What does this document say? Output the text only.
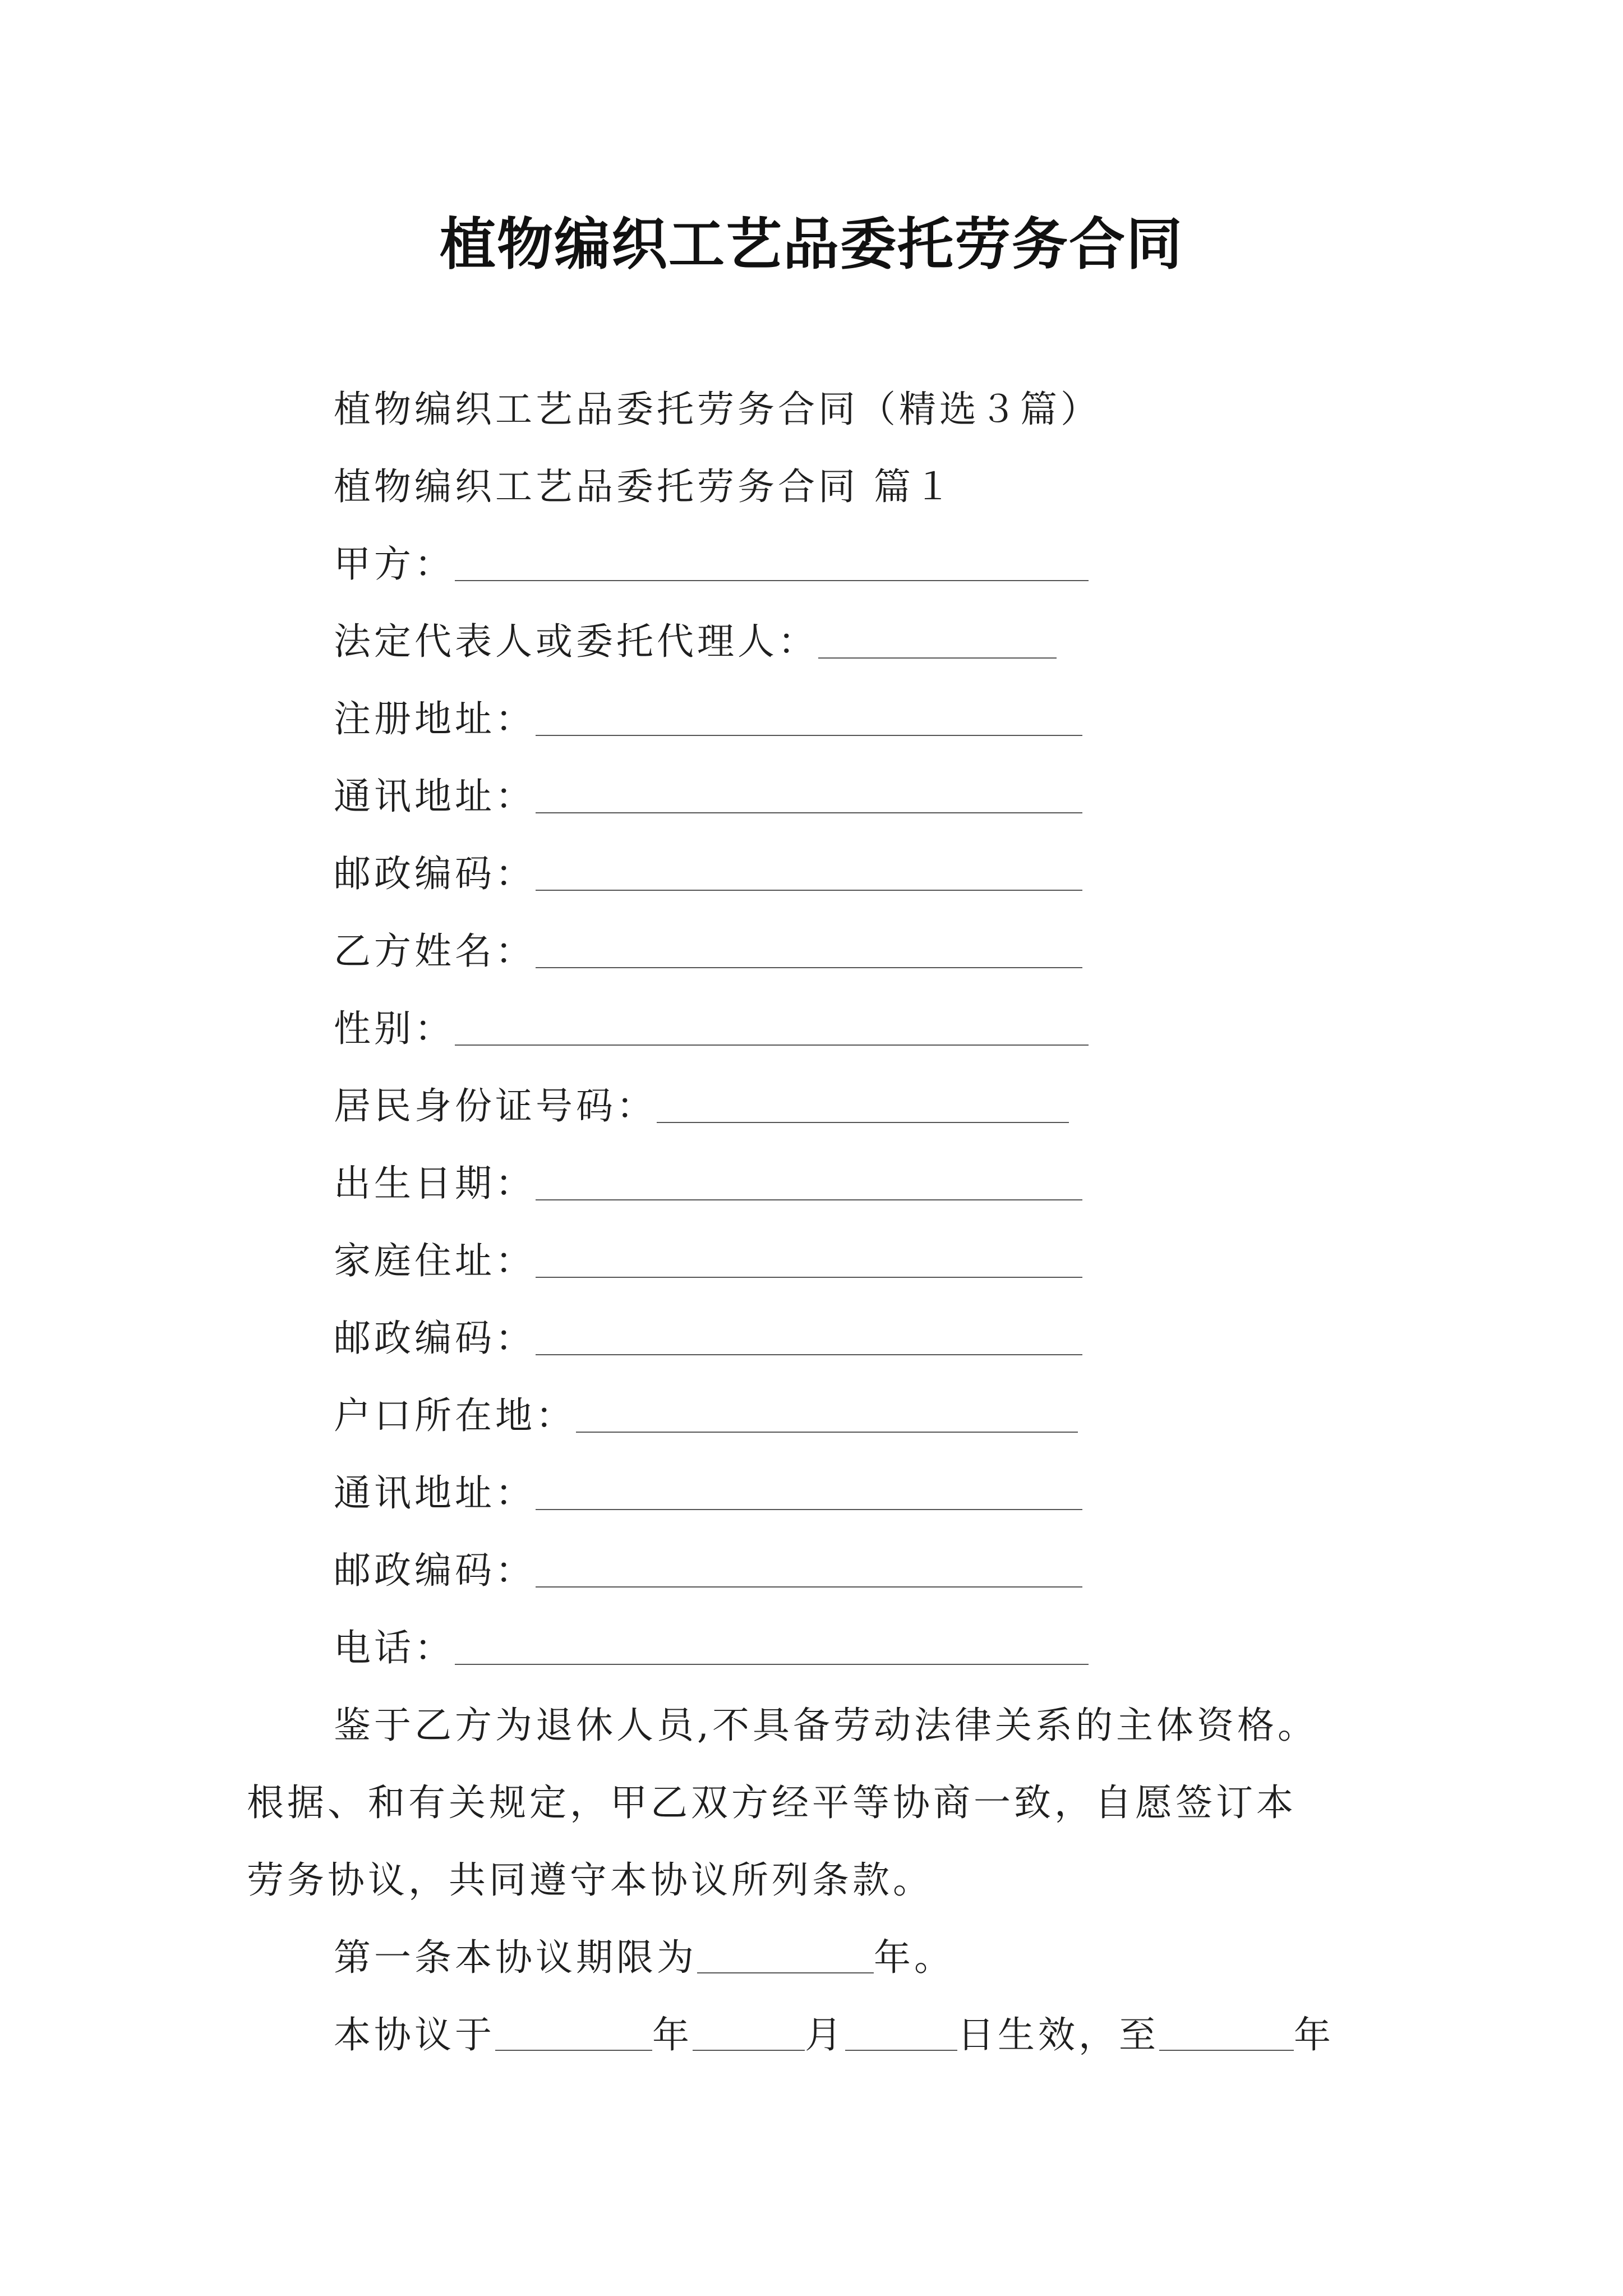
植物编织工艺品委托劳务合同
植物编织工艺品委托劳务合同（精选３篇）
植物编织工艺品委托劳务合同 篇１
甲方：
法定代表人或委托代理人：
注册地址：
通讯地址：
邮政编码：
乙方姓名：
性别：
居民身份证号码：
出生日期：
家庭住址：
邮政编码：
户口所在地：
通讯地址：
邮政编码：
电话：
鉴于乙方为退休人员,不具备劳动法律关系的主体资格。
根据、和有关规定，甲乙双方经平等协商一致，自愿签订本
劳务协议，共同遵守本协议所列条款。
第一条本协议期限为	年。
本协议于	年	月	日生效，至	年
